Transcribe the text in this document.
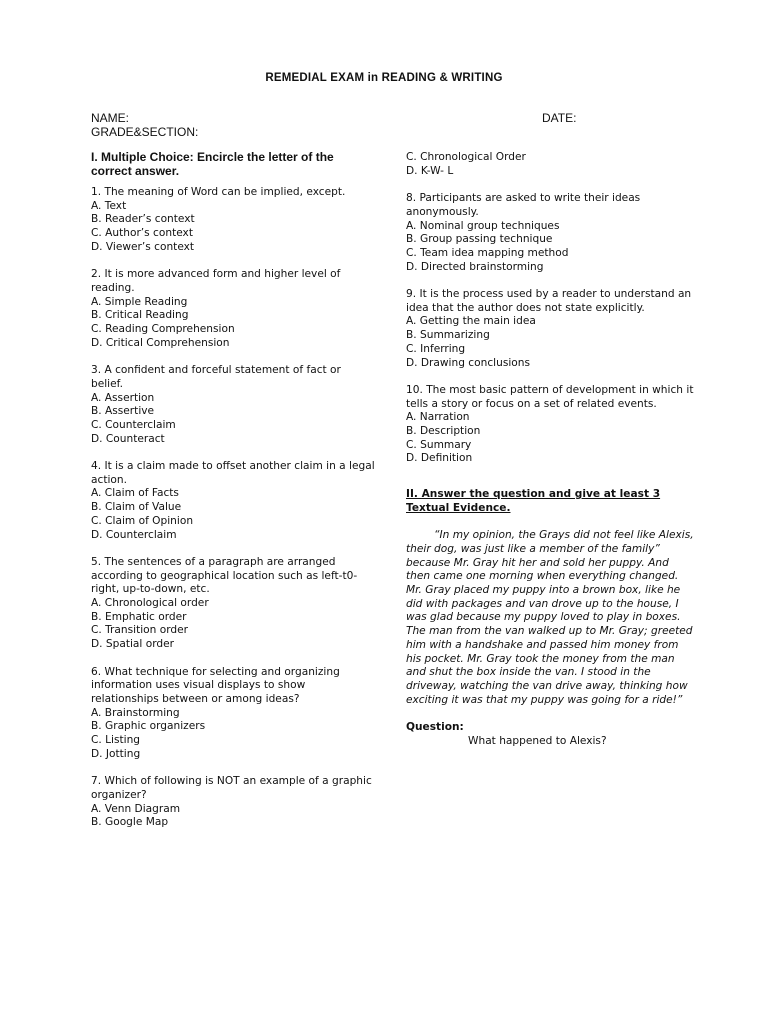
REMEDIAL EXAM in READING & WRITING
NAME:
GRADE&SECTION:
DATE:
I. Multiple Choice: Encircle the letter of the correct answer.
1. The meaning of Word can be implied, except.
A. Text
B. Reader’s context
C. Author’s context
D. Viewer’s context
2. It is more advanced form and higher level of reading.
A. Simple Reading
B. Critical Reading
C. Reading Comprehension
D. Critical Comprehension
3. A confident and forceful statement of fact or belief.
A. Assertion
B. Assertive
C. Counterclaim
D. Counteract
4. It is a claim made to offset another claim in a legal action.
A. Claim of Facts
B. Claim of Value
C. Claim of Opinion
D. Counterclaim
5. The sentences of a paragraph are arranged according to geographical location such as left-t0-right, up-to-down, etc.
A. Chronological order
B. Emphatic order
C. Transition order
D. Spatial order
6. What technique for selecting and organizing information uses visual displays to show relationships between or among ideas?
A. Brainstorming
B. Graphic organizers
C. Listing
D. Jotting
7. Which of following is NOT an example of a graphic organizer?
A. Venn Diagram
B. Google Map
C. Chronological Order
D. K-W- L
8. Participants are asked to write their ideas anonymously.
A. Nominal group techniques
B. Group passing technique
C. Team idea mapping method
D. Directed brainstorming
9. It is the process used by a reader to understand an idea that the author does not state explicitly.
A. Getting the main idea
B. Summarizing
C. Inferring
D. Drawing conclusions
10. The most basic pattern of development in which it tells a story or focus on a set of related events.
A. Narration
B. Description
C. Summary
D. Definition
II. Answer the question and give at least 3 Textual Evidence.
“In my opinion, the Grays did not feel like Alexis, their dog, was just like a member of the family” because Mr. Gray hit her and sold her puppy. And then came one morning when everything changed. Mr. Gray placed my puppy into a brown box, like he did with packages and van drove up to the house, I was glad because my puppy loved to play in boxes. The man from the van walked up to Mr. Gray; greeted him with a handshake and passed him money from his pocket. Mr. Gray took the money from the man and shut the box inside the van. I stood in the driveway, watching the van drive away, thinking how exciting it was that my puppy was going for a ride!”
Question:
What happened to Alexis?
